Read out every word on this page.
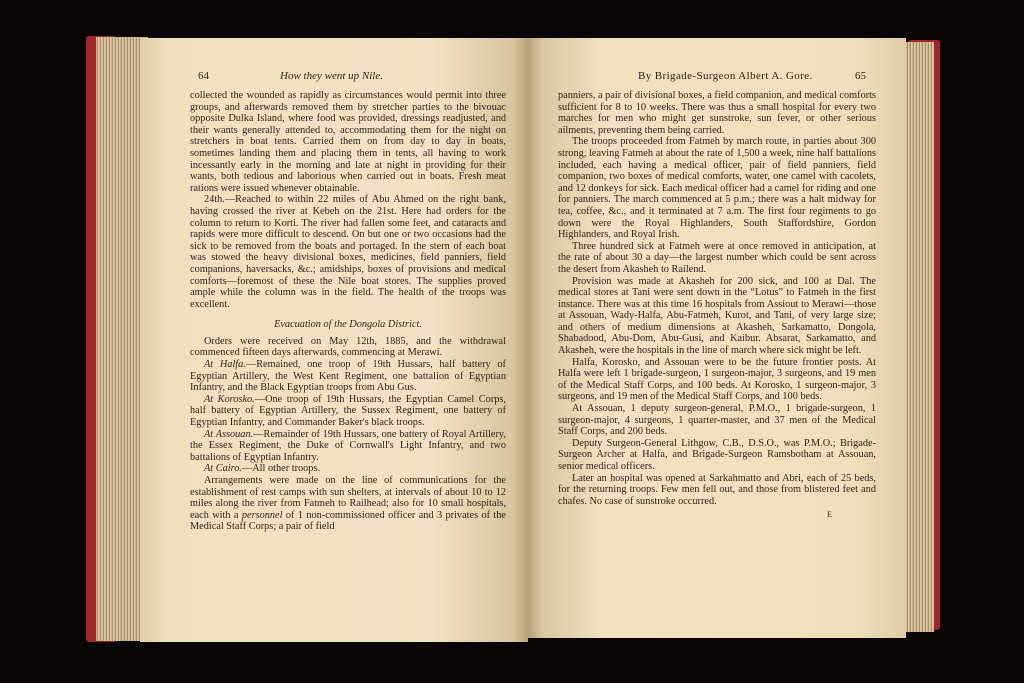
64	How they went up Nile.

collected the wounded as rapidly as circumstances would permit into three groups, and afterwards removed them by stretcher parties to the bivouac opposite Dulka Island, where food was provided, dressings readjusted, and their wants generally attended to, accommodating them for the night on stretchers in boat tents. Carried them on from day to day in boats, sometimes landing them and placing them in tents, all having to work incessantly early in the morning and late at night in providing for their wants, both tedious and laborious when carried out in boats. Fresh meat rations were issued whenever obtainable.

24th.—Reached to within 22 miles of Abu Ahmed on the right bank, having crossed the river at Kebeh on the 21st. Here had orders for the column to return to Korti. The river had fallen some feet, and cataracts and rapids were more difficult to descend. On but one or two occasions had the sick to be removed from the boats and portaged. In the stern of each boat was stowed the heavy divisional boxes, medicines, field panniers, field companions, haversacks, &c.; amidships, boxes of provisions and medical comforts—foremost of these the Nile boat stores. The supplies proved ample while the column was in the field. The health of the troops was excellent.

Evacuation of the Dongola District.

Orders were received on May 12th, 1885, and the withdrawal commenced fifteen days afterwards, commencing at Merawi.

At Halfa.—Remained, one troop of 19th Hussars, half battery of Egyptian Artillery, the West Kent Regiment, one battalion of Egyptian Infantry, and the Black Egyptian troops from Abu Gus.

At Korosko.—One troop of 19th Hussars, the Egyptian Camel Corps, half battery of Egyptian Artillery, the Sussex Regiment, one battery of Egyptian Infantry, and Commander Baker's black troops.

At Assouan.—Remainder of 19th Hussars, one battery of Royal Artillery, the Essex Regiment, the Duke of Cornwall's Light Infantry, and two battalions of Egyptian Infantry.

At Cairo.—All other troops.

Arrangements were made on the line of communications for the establishment of rest camps with sun shelters, at intervals of about 10 to 12 miles along the river from Fatmeh to Railhead; also for 10 small hospitals, each with a personnel of 1 non-commissioned officer and 3 privates of the Medical Staff Corps; a pair of field

By Brigade-Surgeon Albert A. Gore.	65

panniers, a pair of divisional boxes, a field companion, and medical comforts sufficient for 8 to 10 weeks. There was thus a small hospital for every two marches for men who might get sunstroke, sun fever, or other serious ailments, preventing them being carried.

The troops proceeded from Fatmeh by march route, in parties about 300 strong, leaving Fatmeh at about the rate of 1,500 a week, nine half battalions included, each having a medical officer, pair of field panniers, field companion, two boxes of medical comforts, water, one camel with cacolets, and 12 donkeys for sick. Each medical officer had a camel for riding and one for panniers. The march commenced at 5 p.m.; there was a halt midway for tea, coffee, &c., and it terminated at 7 a.m. The first four regiments to go down were the Royal Highlanders, South Staffordshire, Gordon Highlanders, and Royal Irish.

Three hundred sick at Fatmeh were at once removed in anticipation, at the rate of about 30 a day—the largest number which could be sent across the desert from Akasheh to Railend.

Provision was made at Akasheh for 200 sick, and 100 at Dal. The medical stores at Tani were sent down in the “Lotus” to Fatmeh in the first instance. There was at this time 16 hospitals from Assiout to Merawi—those at Assouan, Wady-Halfa, Abu-Fatmeh, Kurot, and Tani, of very large size; and others of medium dimensions at Akasheh, Sarkamatto, Dongola, Shabadood, Abu-Dom, Abu-Gusi, and Kaibur. Absarat, Sarkamatto, and Akasheh, were the hospitals in the line of march where sick might be left.

Halfa, Korosko, and Assouan were to be the future frontier posts. At Halfa were left 1 brigade-surgeon, 1 surgeon-major, 3 surgeons, and 19 men of the Medical Staff Corps, and 100 beds. At Korosko, 1 surgeon-major, 3 surgeons, and 19 men of the Medical Staff Corps, and 100 beds.

At Assouan, 1 deputy surgeon-general, P.M.O., 1 brigade-surgeon, 1 surgeon-major, 4 surgeons, 1 quarter-master, and 37 men of the Medical Staff Corps, and 200 beds.

Deputy Surgeon-General Lithgow, C.B., D.S.O., was P.M.O.; Brigade-Surgeon Archer at Halfa, and Brigade-Surgeon Ramsbotham at Assouan, senior medical officers.

Later an hospital was opened at Sarkahmatto and Abri, each of 25 beds, for the returning troops. Few men fell out, and those from blistered feet and chafes. No case of sunstroke occurred.

E
